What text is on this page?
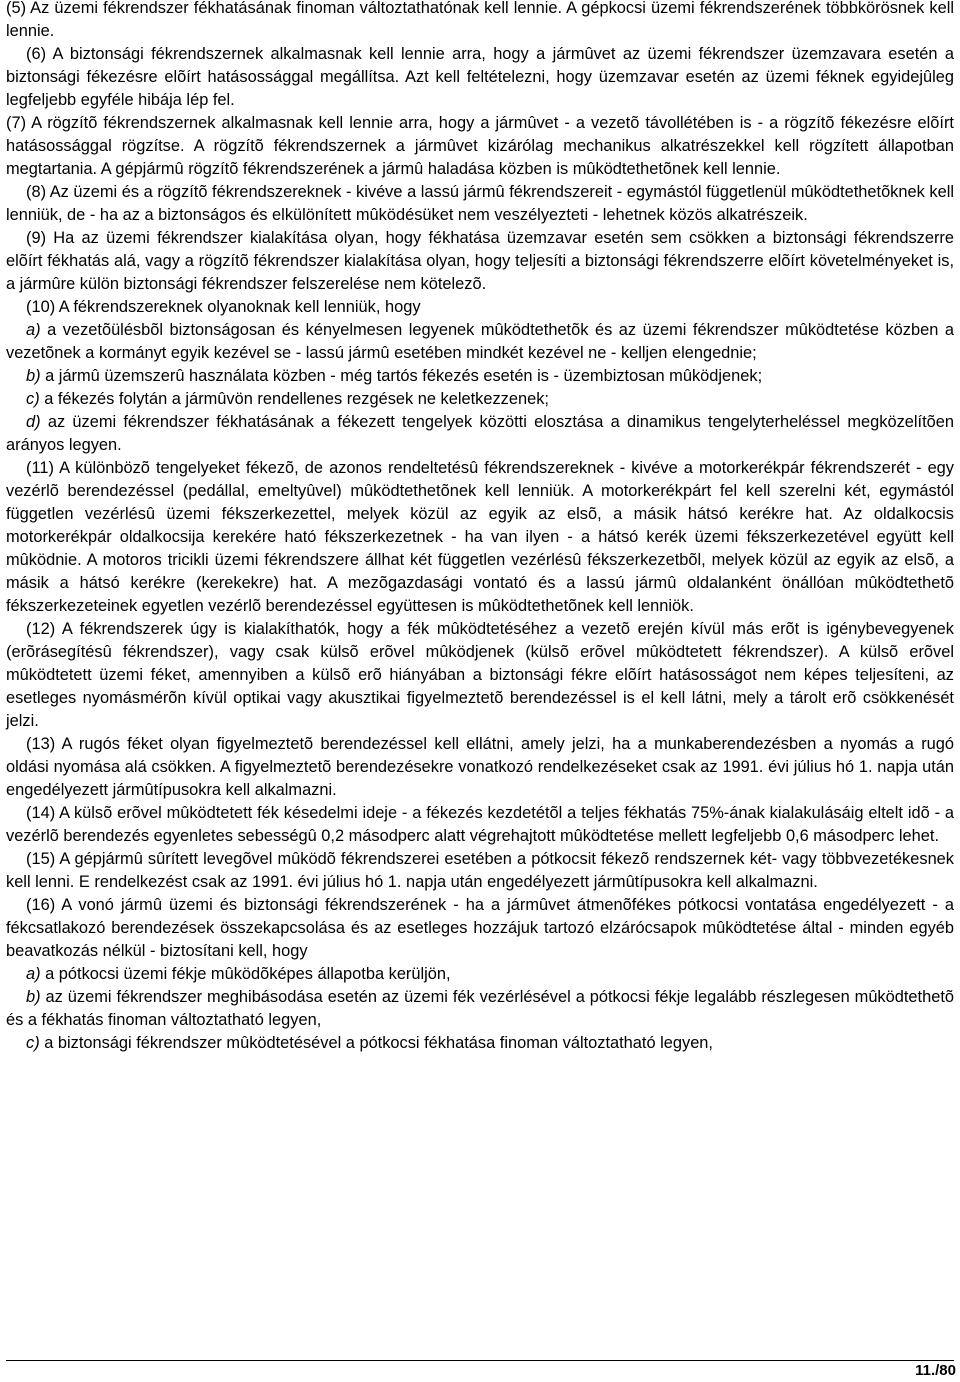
(5) Az üzemi fékrendszer fékhatásának finoman változtathatónak kell lennie. A gépkocsi üzemi fékrendszerének többkörösnek kell lennie.

(6) A biztonsági fékrendszernek alkalmasnak kell lennie arra, hogy a jármûvet az üzemi fékrendszer üzemzavara esetén a biztonsági fékezésre elõírt hatásossággal megállítsa. Azt kell feltételezni, hogy üzemzavar esetén az üzemi féknek egyidejûleg legfeljebb egyféle hibája lép fel.

(7) A rögzítõ fékrendszernek alkalmasnak kell lennie arra, hogy a jármûvet - a vezetõ távollétében is - a rögzítõ fékezésre elõírt hatásossággal rögzítse. A rögzítõ fékrendszernek a jármûvet kizárólag mechanikus alkatrészekkel kell rögzített állapotban megtartania. A gépjármû rögzítõ fékrendszerének a jármû haladása közben is mûködtethetõnek kell lennie.

(8) Az üzemi és a rögzítõ fékrendszereknek - kivéve a lassú jármû fékrendszereit - egymástól függetlenül mûködtethetõknek kell lenniük, de - ha az a biztonságos és elkülönített mûködésüket nem veszélyezteti - lehetnek közös alkatrészeik.

(9) Ha az üzemi fékrendszer kialakítása olyan, hogy fékhatása üzemzavar esetén sem csökken a biztonsági fékrendszerre elõírt fékhatás alá, vagy a rögzítõ fékrendszer kialakítása olyan, hogy teljesíti a biztonsági fékrendszerre elõírt követelményeket is, a jármûre külön biztonsági fékrendszer felszerelése nem kötelezõ.

(10) A fékrendszereknek olyanoknak kell lenniük, hogy

a) a vezetõülésbõl biztonságosan és kényelmesen legyenek mûködtethetõk és az üzemi fékrendszer mûködtetése közben a vezetõnek a kormányt egyik kezével se - lassú jármû esetében mindkét kezével ne - kelljen elengednie;

b) a jármû üzemszerû használata közben - még tartós fékezés esetén is - üzembiztosan mûködjenek;

c) a fékezés folytán a jármûvön rendellenes rezgések ne keletkezzenek;

d) az üzemi fékrendszer fékhatásának a fékezett tengelyek közötti elosztása a dinamikus tengelyterheléssel megközelítõen arányos legyen.

(11) A különbözõ tengelyeket fékezõ, de azonos rendeltetésû fékrendszereknek - kivéve a motorkerékpár fékrendszerét - egy vezérlõ berendezéssel (pedállal, emeltyûvel) mûködtethetõnek kell lenniük. A motorkerékpárt fel kell szerelni két, egymástól független vezérlésû üzemi fékszerkezettel, melyek közül az egyik az elsõ, a másik hátsó kerékre hat. Az oldalkocsis motorkerékpár oldalkocsija kerekére ható fékszerkezetnek - ha van ilyen - a hátsó kerék üzemi fékszerkezetével együtt kell mûködnie. A motoros tricikli üzemi fékrendszere állhat két független vezérlésû fékszerkezetbõl, melyek közül az egyik az elsõ, a másik a hátsó kerékre (kerekekre) hat. A mezõgazdasági vontató és a lassú jármû oldalanként önállóan mûködtethetõ fékszerkezeteinek egyetlen vezérlõ berendezéssel együttesen is mûködtethetõnek kell lenniök.

(12) A fékrendszerek úgy is kialakíthatók, hogy a fék mûködtetéséhez a vezetõ erején kívül más erõt is igénybevegyenek (erõrásegítésû fékrendszer), vagy csak külsõ erõvel mûködjenek (külsõ erõvel mûködtetett fékrendszer). A külsõ erõvel mûködtetett üzemi féket, amennyiben a külsõ erõ hiányában a biztonsági fékre elõírt hatásosságot nem képes teljesíteni, az esetleges nyomásmérõn kívül optikai vagy akusztikai figyelmeztetõ berendezéssel is el kell látni, mely a tárolt erõ csökkenését jelzi.

(13) A rugós féket olyan figyelmeztetõ berendezéssel kell ellátni, amely jelzi, ha a munkaberendezésben a nyomás a rugó oldási nyomása alá csökken. A figyelmeztetõ berendezésekre vonatkozó rendelkezéseket csak az 1991. évi július hó 1. napja után engedélyezett jármûtípusokra kell alkalmazni.

(14) A külsõ erõvel mûködtetett fék késedelmi ideje - a fékezés kezdetétõl a teljes fékhatás 75%-ának kialakulásáig eltelt idõ - a vezérlõ berendezés egyenletes sebességû 0,2 másodperc alatt végrehajtott mûködtetése mellett legfeljebb 0,6 másodperc lehet.

(15) A gépjármû sûrített levegõvel mûködõ fékrendszerei esetében a pótkocsit fékezõ rendszernek két- vagy többvezetékesnek kell lenni. E rendelkezést csak az 1991. évi július hó 1. napja után engedélyezett jármûtípusokra kell alkalmazni.

(16) A vonó jármû üzemi és biztonsági fékrendszerének - ha a jármûvet átmenõfékes pótkocsi vontatása engedélyezett - a fékcsatlakozó berendezések összekapcsolása és az esetleges hozzájuk tartozó elzárócsapok mûködtetése által - minden egyéb beavatkozás nélkül - biztosítani kell, hogy

a) a pótkocsi üzemi fékje mûködõképes állapotba kerüljön,

b) az üzemi fékrendszer meghibásodása esetén az üzemi fék vezérlésével a pótkocsi fékje legalább részlegesen mûködtethetõ és a fékhatás finoman változtatható legyen,

c) a biztonsági fékrendszer mûködtetésével a pótkocsi fékhatása finoman változtatható legyen,

11./80
